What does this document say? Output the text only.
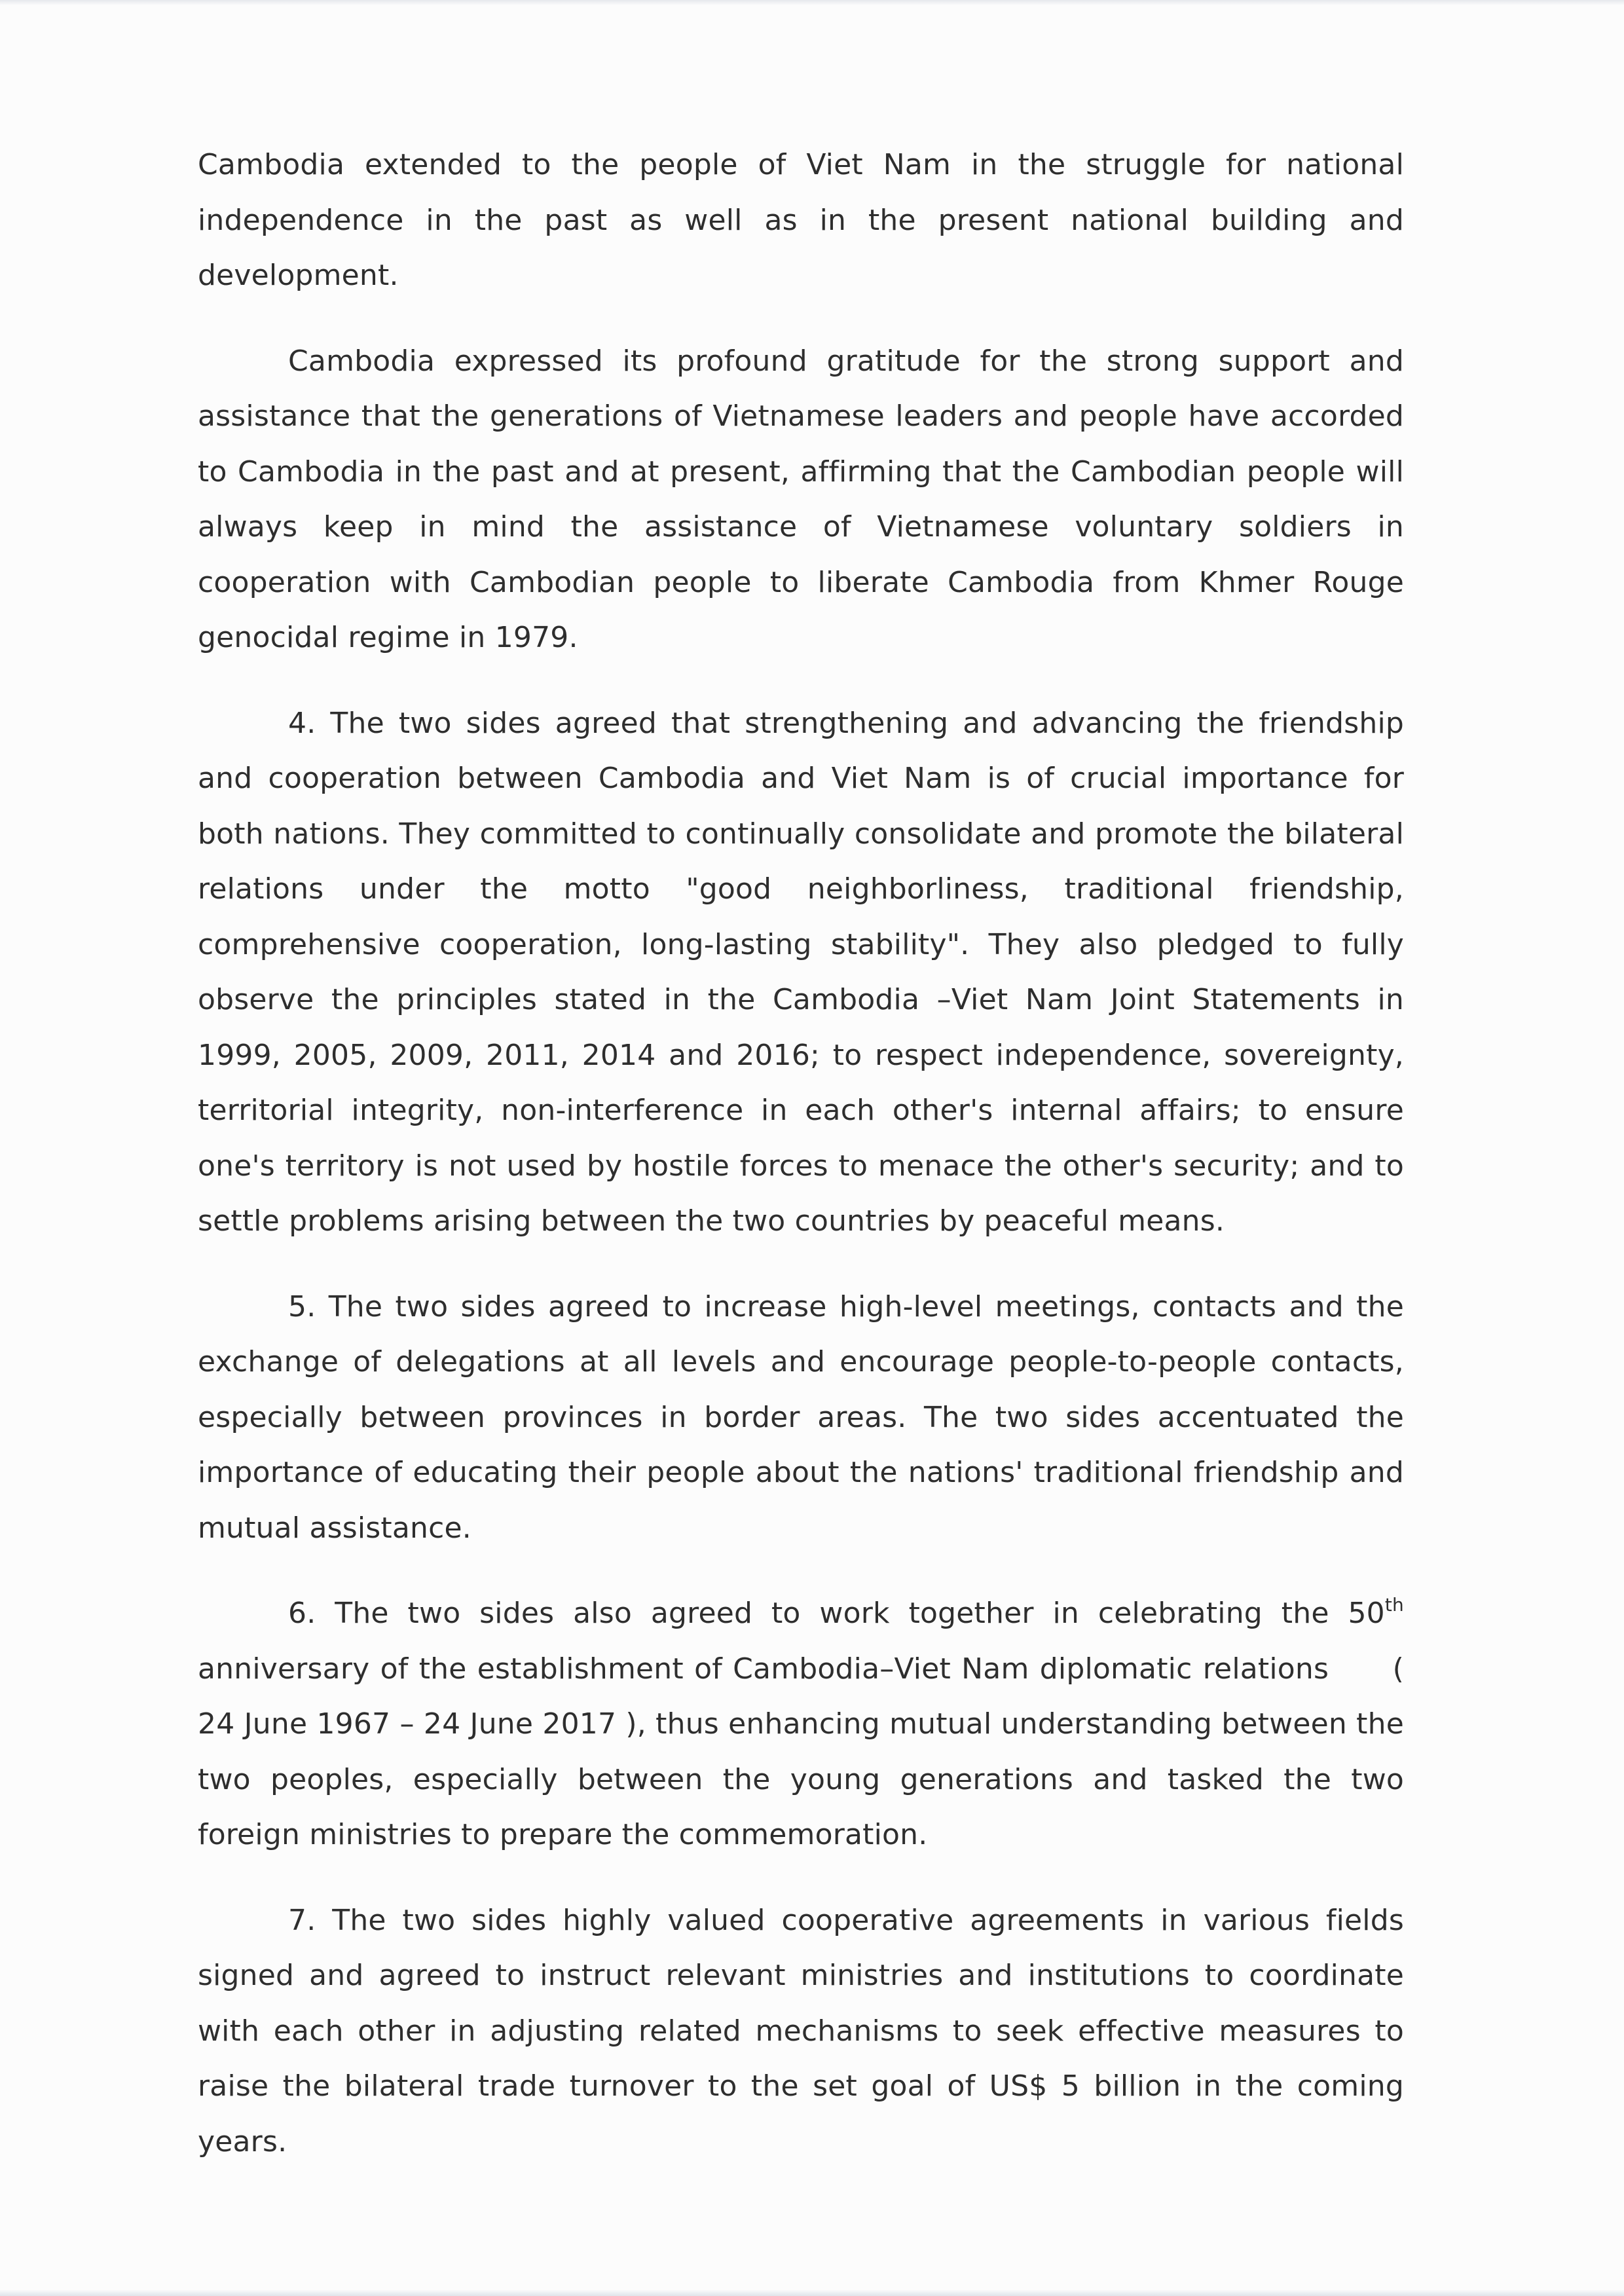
Cambodia extended to the people of Viet Nam in the struggle for national independence in the past as well as in the present national building and development.

Cambodia expressed its profound gratitude for the strong support and assistance that the generations of Vietnamese leaders and people have accorded to Cambodia in the past and at present, affirming that the Cambodian people will always keep in mind the assistance of Vietnamese voluntary soldiers in cooperation with Cambodian people to liberate Cambodia from Khmer Rouge genocidal regime in 1979.

4. The two sides agreed that strengthening and advancing the friendship and cooperation between Cambodia and Viet Nam is of crucial importance for both nations. They committed to continually consolidate and promote the bilateral relations under the motto "good neighborliness, traditional friendship, comprehensive cooperation, long-lasting stability". They also pledged to fully observe the principles stated in the Cambodia –Viet Nam Joint Statements in 1999, 2005, 2009, 2011, 2014 and 2016; to respect independence, sovereignty, territorial integrity, non-interference in each other's internal affairs; to ensure one's territory is not used by hostile forces to menace the other's security; and to settle problems arising between the two countries by peaceful means.

5. The two sides agreed to increase high-level meetings, contacts and the exchange of delegations at all levels and encourage people-to-people contacts, especially between provinces in border areas. The two sides accentuated the importance of educating their people about the nations' traditional friendship and mutual assistance.

6. The two sides also agreed to work together in celebrating the 50th anniversary of the establishment of Cambodia–Viet Nam diplomatic relations      ( 24 June 1967 – 24 June 2017 ), thus enhancing mutual understanding between the two peoples, especially between the young generations and tasked the two foreign ministries to prepare the commemoration.

7. The two sides highly valued cooperative agreements in various fields signed and agreed to instruct relevant ministries and institutions to coordinate with each other in adjusting related mechanisms to seek effective measures to raise the bilateral trade turnover to the set goal of US$ 5 billion in the coming years.
